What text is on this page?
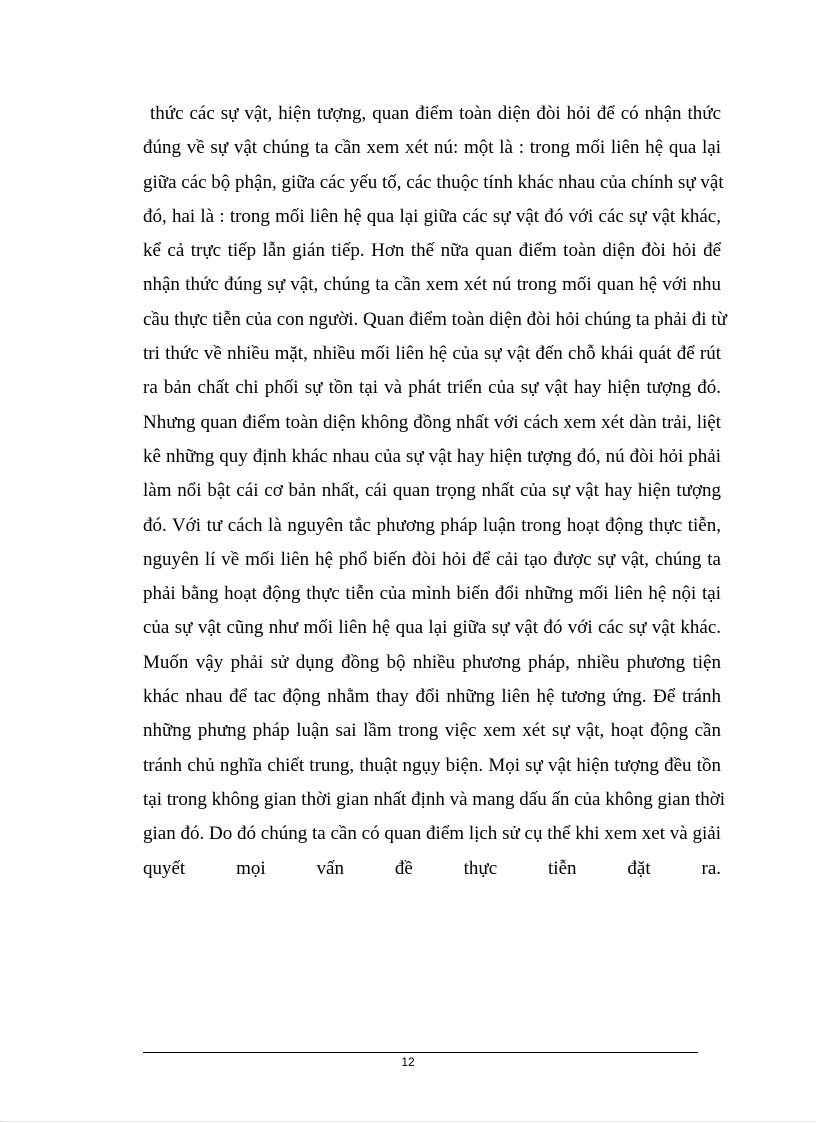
thức các sự vật, hiện tượng, quan điểm toàn diện đòi hỏi để có nhận thức
đúng về sự vật chúng ta cần xem xét nú: một là : trong mối liên hệ qua lại
giữa các bộ phận, giữa các yếu tố, các thuộc tính khác nhau của chính sự vật
đó, hai là : trong mối liên hệ qua lại giữa các sự vật đó với các sự vật khác,
kể cả trực tiếp lẫn gián tiếp. Hơn thế nữa quan điểm toàn diện đòi hỏi để
nhận thức đúng sự vật, chúng ta cần xem xét nú trong mối quan hệ với nhu
cầu thực tiễn của con người. Quan điểm toàn diện đòi hỏi chúng ta phải đi từ
tri thức về nhiều mặt, nhiều mối liên hệ của sự vật đến chỗ khái quát để rút
ra bản chất chi phối sự tồn tại và phát triển của sự vật hay hiện tượng đó.
Nhưng quan điểm toàn diện không đồng nhất với cách xem xét dàn trải, liệt
kê những quy định khác nhau của sự vật hay hiện tượng đó, nú đòi hỏi phải
làm nổi bật cái cơ bản nhất, cái quan trọng nhất của sự vật hay hiện tượng
đó. Với tư cách là nguyên tắc phương pháp luận trong hoạt động thực tiễn,
nguyên lí về mối liên hệ phổ biến đòi hỏi để cải tạo được sự vật, chúng ta
phải bằng hoạt động thực tiễn của mình biến đổi những mối liên hệ nội tại
của sự vật cũng như mối liên hệ qua lại giữa sự vật đó với các sự vật khác.
Muốn vậy phải sử dụng đồng bộ nhiều phương pháp, nhiều phương tiện
khác nhau để tac động nhằm thay đổi những liên hệ tương ứng. Để tránh
những phưng pháp luận sai lầm trong việc xem xét sự vật, hoạt động cần
tránh chủ nghĩa chiết trung, thuật ngụy biện. Mọi sự vật hiện tượng đều tồn
tại trong không gian thời gian nhất định và mang dấu ấn của không gian thời
gian đó. Do đó chúng ta cần có quan điểm lịch sử cụ thể khi xem xet và giải
quyết mọi vấn đề thực tiễn đặt ra.
12
